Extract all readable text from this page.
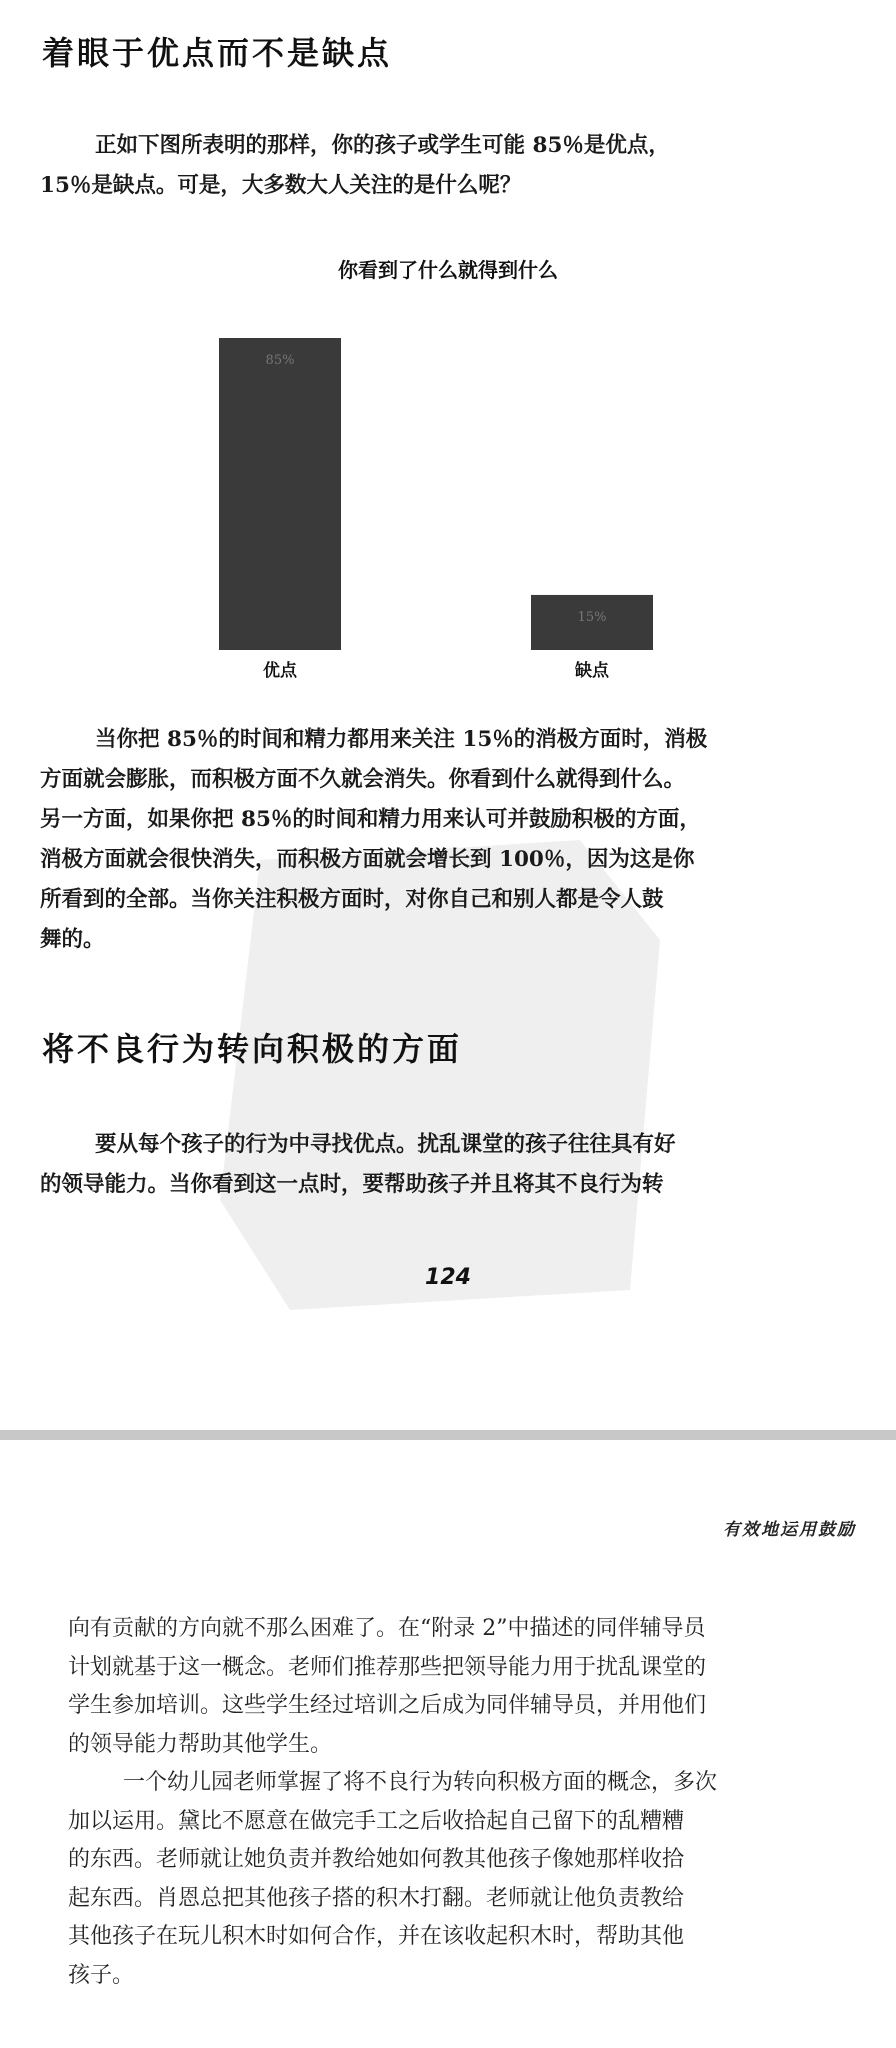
着眼于优点而不是缺点
正如下图所表明的那样，你的孩子或学生可能 85％是优点，
15％是缺点。可是，大多数大人关注的是什么呢？
你看到了什么就得到什么
85%
优点
15%
缺点
当你把 85％的时间和精力都用来关注 15％的消极方面时，消极
方面就会膨胀，而积极方面不久就会消失。你看到什么就得到什么。
另一方面，如果你把 85％的时间和精力用来认可并鼓励积极的方面，
消极方面就会很快消失，而积极方面就会增长到 100％，因为这是你
所看到的全部。当你关注积极方面时，对你自己和别人都是令人鼓
舞的。
将不良行为转向积极的方面
要从每个孩子的行为中寻找优点。扰乱课堂的孩子往往具有好
的领导能力。当你看到这一点时，要帮助孩子并且将其不良行为转
124
有效地运用鼓励
向有贡献的方向就不那么困难了。在“附录 2”中描述的同伴辅导员
计划就基于这一概念。老师们推荐那些把领导能力用于扰乱课堂的
学生参加培训。这些学生经过培训之后成为同伴辅导员，并用他们
的领导能力帮助其他学生。
一个幼儿园老师掌握了将不良行为转向积极方面的概念，多次
加以运用。黛比不愿意在做完手工之后收拾起自己留下的乱糟糟
的东西。老师就让她负责并教给她如何教其他孩子像她那样收拾
起东西。肖恩总把其他孩子搭的积木打翻。老师就让他负责教给
其他孩子在玩儿积木时如何合作，并在该收起积木时，帮助其他
孩子。
